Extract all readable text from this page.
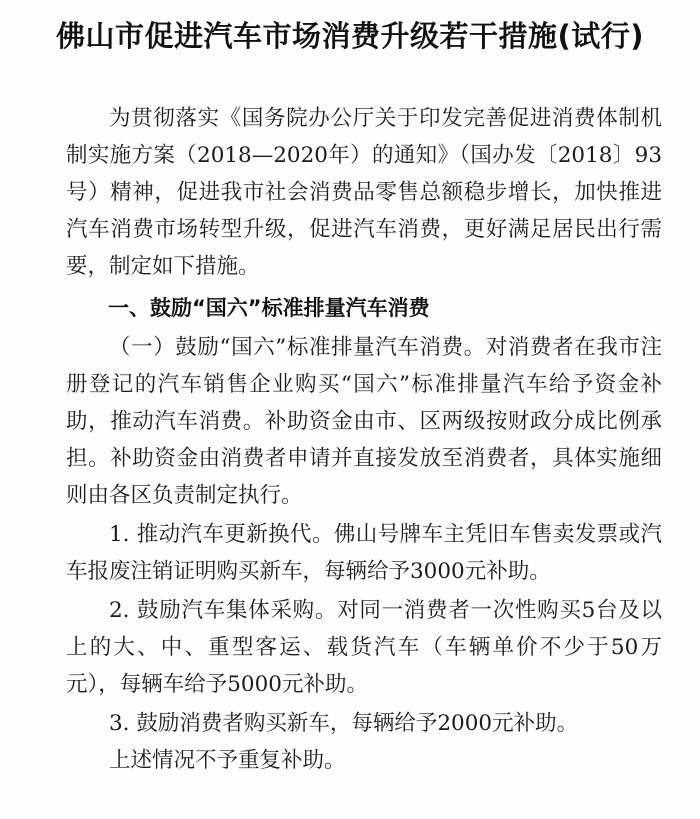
佛山市促进汽车市场消费升级若干措施(试行)

为贯彻落实《国务院办公厅关于印发完善促进消费体制机制实施方案（2018—2020年）的通知》（国办发〔2018〕93号）精神，促进我市社会消费品零售总额稳步增长，加快推进汽车消费市场转型升级，促进汽车消费，更好满足居民出行需要，制定如下措施。

一、鼓励“国六”标准排量汽车消费

（一）鼓励“国六”标准排量汽车消费。对消费者在我市注册登记的汽车销售企业购买“国六”标准排量汽车给予资金补助，推动汽车消费。补助资金由市、区两级按财政分成比例承担。补助资金由消费者申请并直接发放至消费者，具体实施细则由各区负责制定执行。

1. 推动汽车更新换代。佛山号牌车主凭旧车售卖发票或汽车报废注销证明购买新车，每辆给予3000元补助。

2. 鼓励汽车集体采购。对同一消费者一次性购买5台及以上的大、中、重型客运、载货汽车（车辆单价不少于50万元），每辆车给予5000元补助。

3. 鼓励消费者购买新车，每辆给予2000元补助。

上述情况不予重复补助。
